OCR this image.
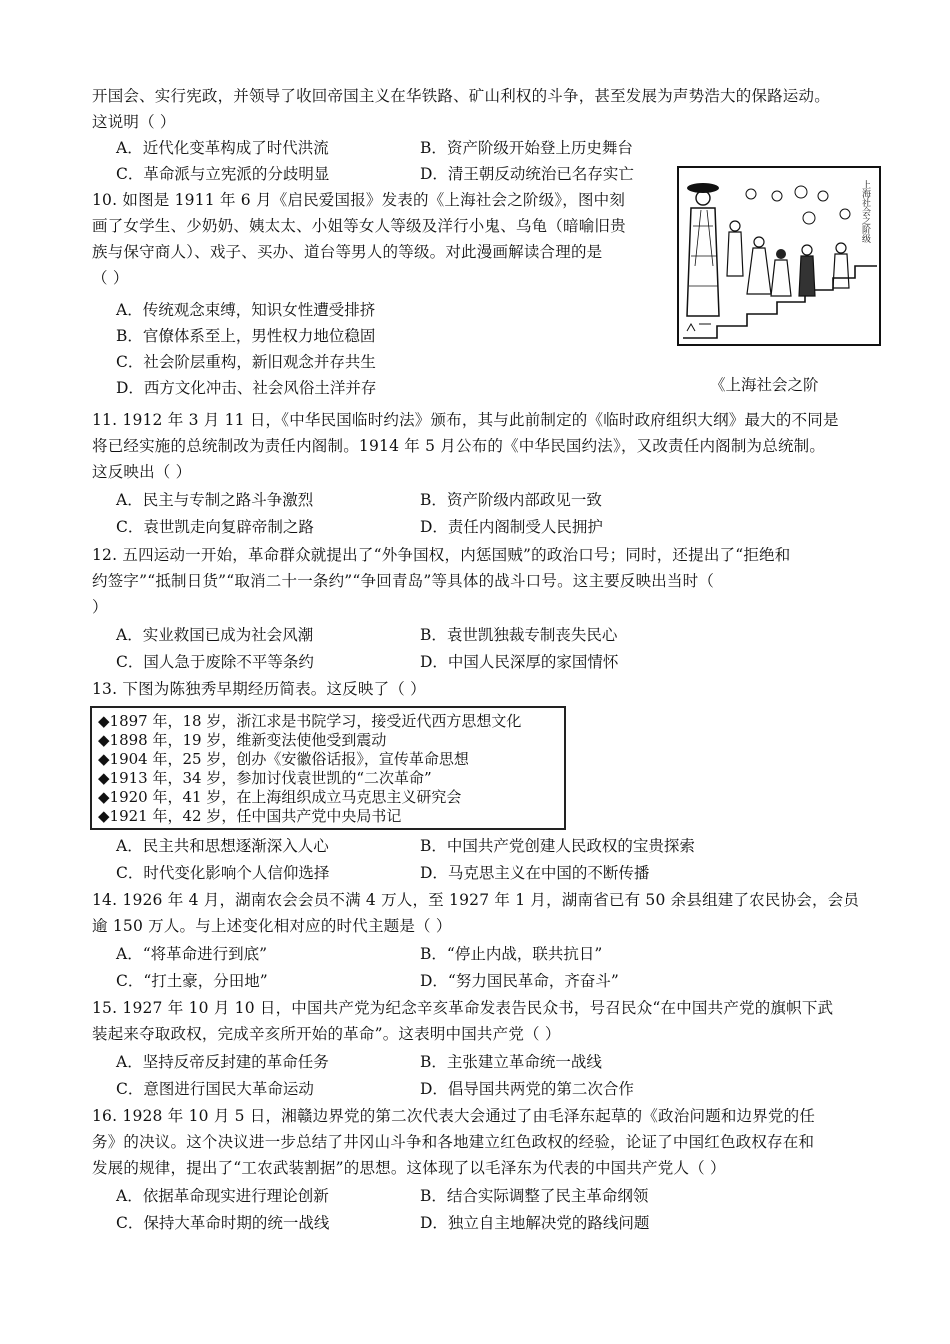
开国会、实行宪政，并领导了收回帝国主义在华铁路、矿山利权的斗争，甚至发展为声势浩大的保路运动。
这说明（ ）
A．近代化变革构成了时代洪流	B．资产阶级开始登上历史舞台
C．革命派与立宪派的分歧明显	D．清王朝反动统治已名存实亡
10. 如图是 1911 年 6 月《启民爱国报》发表的《上海社会之阶级》，图中刻
画了女学生、少奶奶、姨太太、小姐等女人等级及洋行小鬼、乌龟（暗喻旧贵
族与保守商人）、戏子、买办、道台等男人的等级。对此漫画解读合理的是
（ ）
A．传统观念束缚，知识女性遭受排挤
B．官僚体系至上，男性权力地位稳固
C．社会阶层重构，新旧观念并存共生
D．西方文化冲击、社会风俗土洋并存
上海社会之阶级
《上海社会之阶
11. 1912 年 3 月 11 日，《中华民国临时约法》颁布，其与此前制定的《临时政府组织大纲》最大的不同是
将已经实施的总统制改为责任内阁制。1914 年 5 月公布的《中华民国约法》，又改责任内阁制为总统制。
这反映出（ ）
A．民主与专制之路斗争激烈	B．资产阶级内部政见一致
C．袁世凯走向复辟帝制之路	D．责任内阁制受人民拥护
12. 五四运动一开始，革命群众就提出了“外争国权，内惩国贼”的政治口号；同时，还提出了“拒绝和
约签字”“抵制日货”“取消二十一条约”“争回青岛”等具体的战斗口号。这主要反映出当时（
）
A．实业救国已成为社会风潮	B．袁世凯独裁专制丧失民心
C．国人急于废除不平等条约	D．中国人民深厚的家国情怀
13. 下图为陈独秀早期经历简表。这反映了（ ）
◆1897 年，18 岁，浙江求是书院学习，接受近代西方思想文化
◆1898 年，19 岁，维新变法使他受到震动
◆1904 年，25 岁，创办《安徽俗话报》，宣传革命思想
◆1913 年，34 岁，参加讨伐袁世凯的“二次革命”
◆1920 年，41 岁，在上海组织成立马克思主义研究会
◆1921 年，42 岁，任中国共产党中央局书记
A．民主共和思想逐渐深入人心	B．中国共产党创建人民政权的宝贵探索
C．时代变化影响个人信仰选择	D．马克思主义在中国的不断传播
14. 1926 年 4 月，湖南农会会员不满 4 万人，至 1927 年 1 月，湖南省已有 50 余县组建了农民协会，会员
逾 150 万人。与上述变化相对应的时代主题是（ ）
A．“将革命进行到底”	B．“停止内战，联共抗日”
C．“打土豪，分田地”	D．“努力国民革命，齐奋斗”
15. 1927 年 10 月 10 日，中国共产党为纪念辛亥革命发表告民众书，号召民众“在中国共产党的旗帜下武
装起来夺取政权，完成辛亥所开始的革命”。这表明中国共产党（ ）
A．坚持反帝反封建的革命任务	B．主张建立革命统一战线
C．意图进行国民大革命运动	D．倡导国共两党的第二次合作
16. 1928 年 10 月 5 日，湘赣边界党的第二次代表大会通过了由毛泽东起草的《政治问题和边界党的任
务》的决议。这个决议进一步总结了井冈山斗争和各地建立红色政权的经验，论证了中国红色政权存在和
发展的规律，提出了“工农武装割据”的思想。这体现了以毛泽东为代表的中国共产党人（ ）
A．依据革命现实进行理论创新	B．结合实际调整了民主革命纲领
C．保持大革命时期的统一战线	D．独立自主地解决党的路线问题
